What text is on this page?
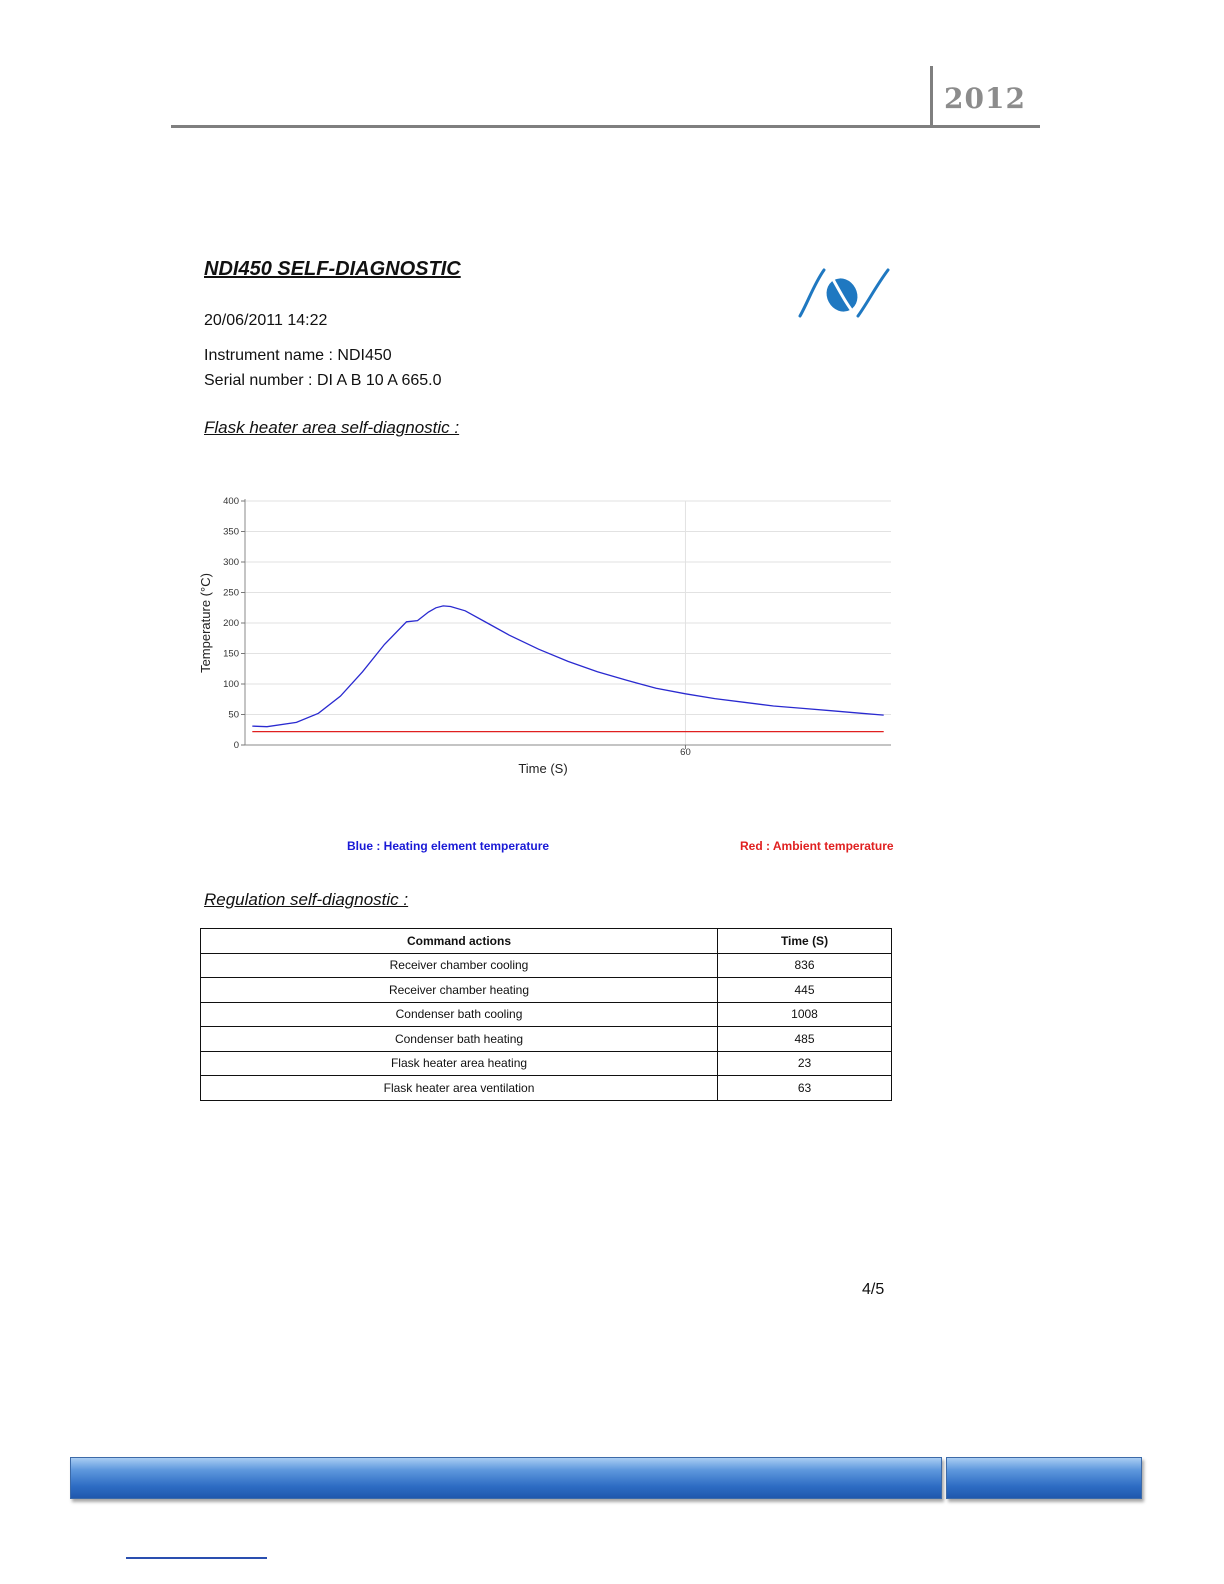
2012
NDI450 SELF-DIAGNOSTIC
20/06/2011 14:22
Instrument name : NDI450
Serial number : DI A B 10 A 665.0
Flask heater area self-diagnostic :
0
50
100
150
200
250
300
350
400
60
Time (S)
Temperature (°C)
Blue : Heating element temperature	Red : Ambient temperature
Regulation self-diagnostic :
Command actions	Time (S)
Receiver chamber cooling	836
Receiver chamber heating	445
Condenser bath cooling	1008
Condenser bath heating	485
Flask heater area heating	23
Flask heater area ventilation	63
4/5
